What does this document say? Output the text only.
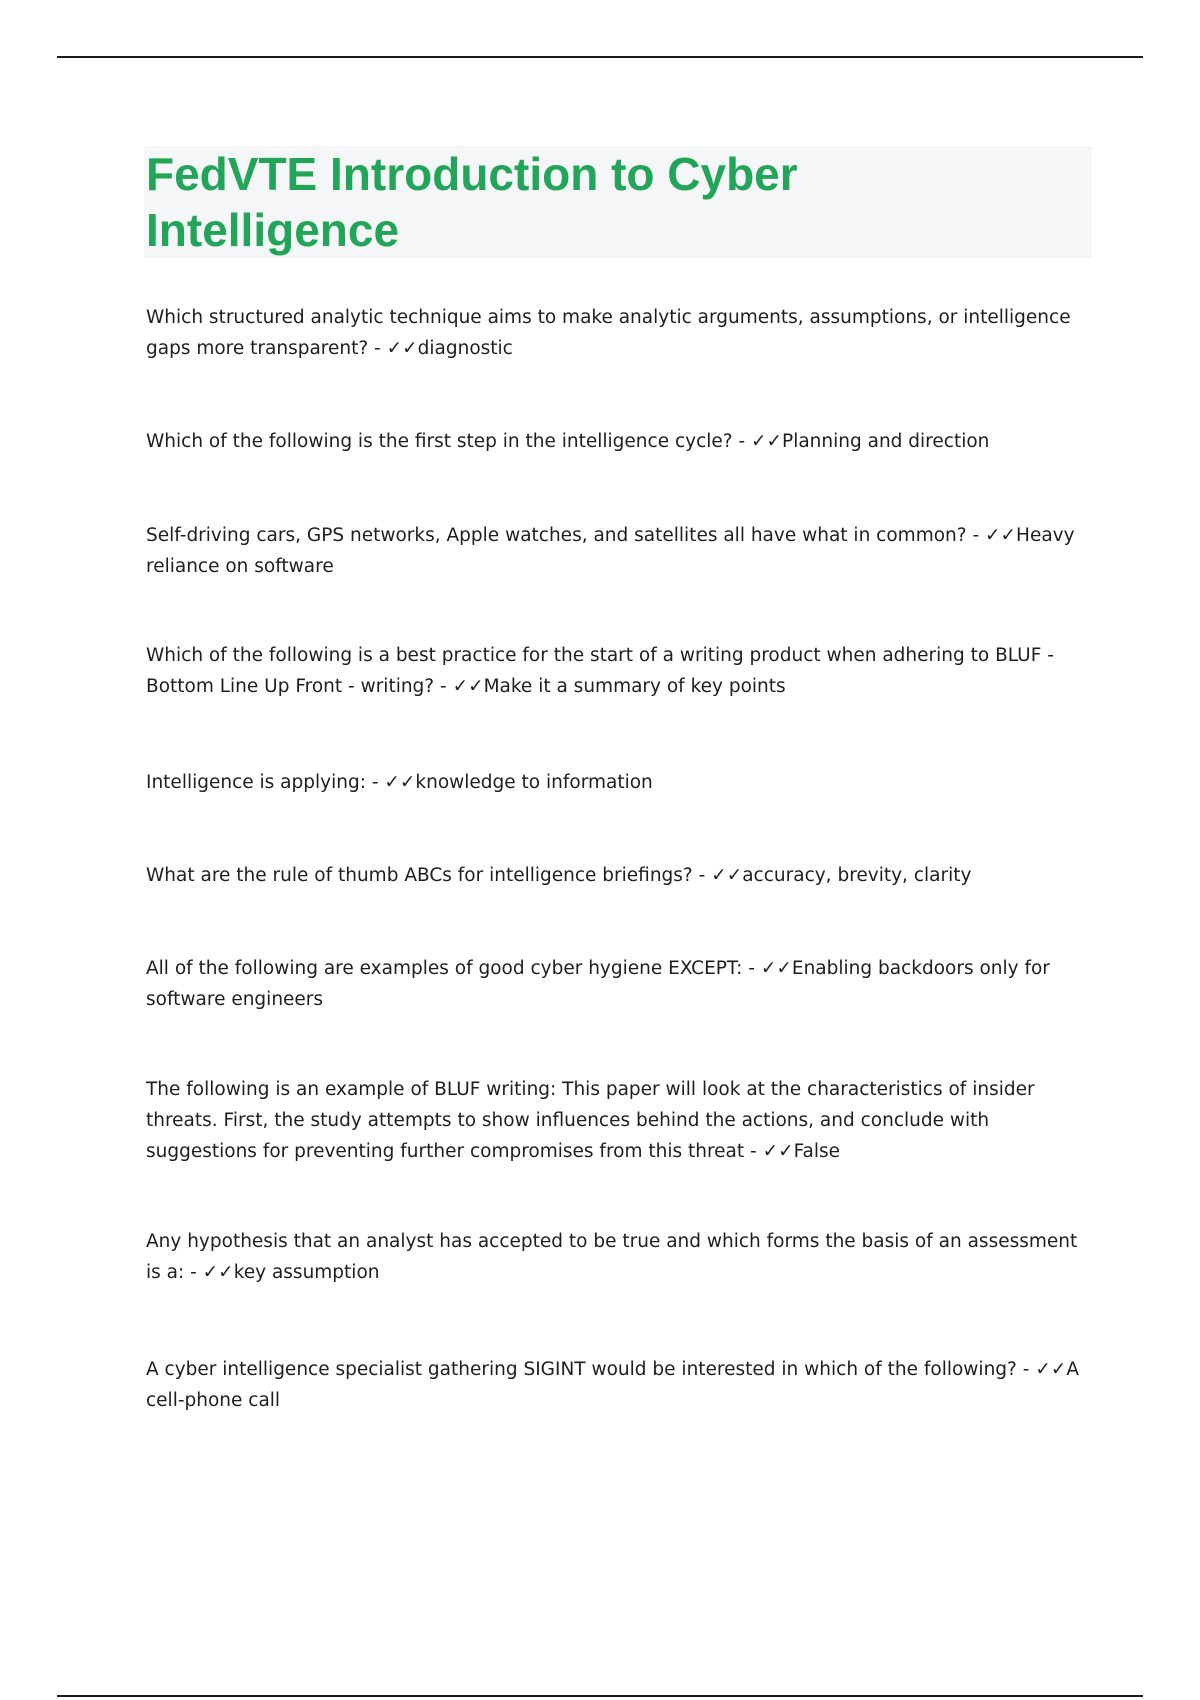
FedVTE Introduction to Cyber Intelligence

Which structured analytic technique aims to make analytic arguments, assumptions, or intelligence gaps more transparent? - ✓✓diagnostic

Which of the following is the first step in the intelligence cycle? - ✓✓Planning and direction

Self-driving cars, GPS networks, Apple watches, and satellites all have what in common? - ✓✓Heavy reliance on software

Which of the following is a best practice for the start of a writing product when adhering to BLUF - Bottom Line Up Front - writing? - ✓✓Make it a summary of key points

Intelligence is applying: - ✓✓knowledge to information

What are the rule of thumb ABCs for intelligence briefings? - ✓✓accuracy, brevity, clarity

All of the following are examples of good cyber hygiene EXCEPT: - ✓✓Enabling backdoors only for software engineers

The following is an example of BLUF writing: This paper will look at the characteristics of insider threats. First, the study attempts to show influences behind the actions, and conclude with suggestions for preventing further compromises from this threat - ✓✓False

Any hypothesis that an analyst has accepted to be true and which forms the basis of an assessment is a: - ✓✓key assumption

A cyber intelligence specialist gathering SIGINT would be interested in which of the following? - ✓✓A cell-phone call
